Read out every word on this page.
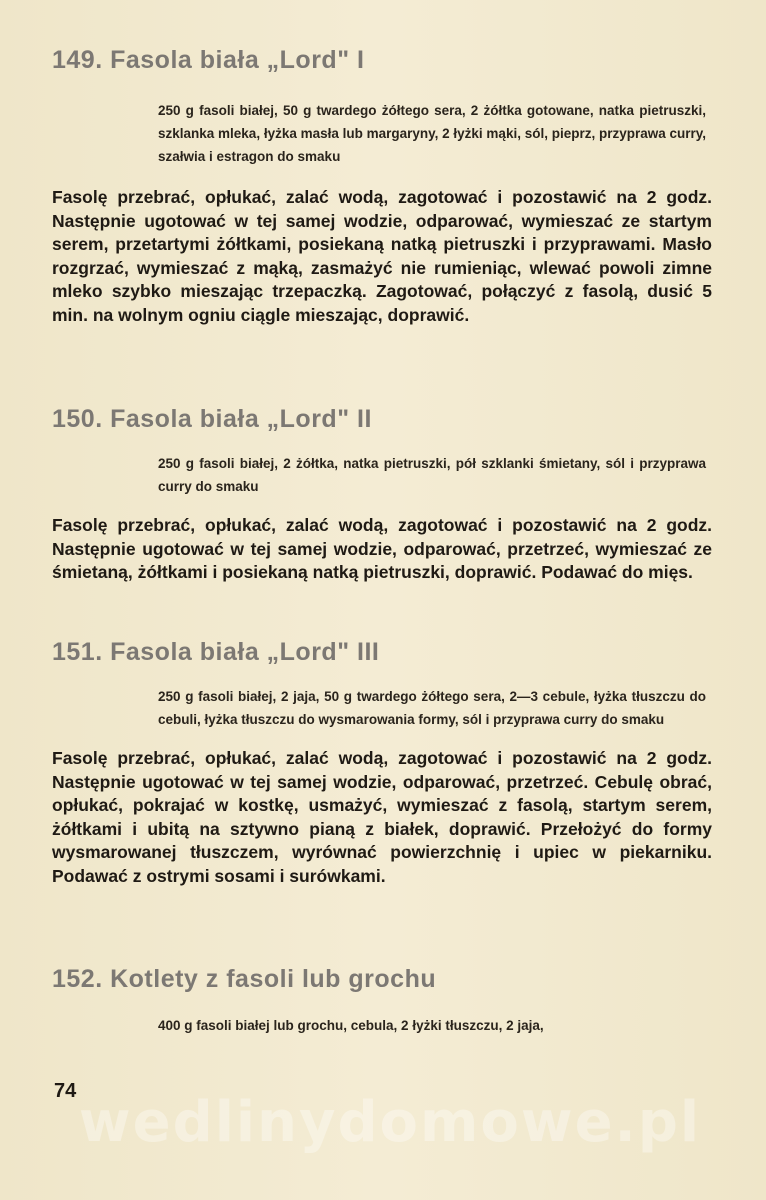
149. Fasola biała „Lord" I

250 g fasoli białej, 50 g twardego żółtego sera, 2 żółtka gotowane, natka pietruszki, szklanka mleka, łyżka masła lub margaryny, 2 łyżki mąki, sól, pieprz, przyprawa curry, szałwia i estragon do smaku

Fasolę przebrać, opłukać, zalać wodą, zagotować i pozostawić na 2 godz. Następnie ugotować w tej samej wodzie, odparować, wymieszać ze startym serem, przetartymi żółtkami, posiekaną natką pietruszki i przyprawami. Masło rozgrzać, wymieszać z mąką, zasmażyć nie rumieniąc, wlewać powoli zimne mleko szybko mieszając trzepaczką. Zagotować, połączyć z fasolą, dusić 5 min. na wolnym ogniu ciągle mieszając, doprawić.

150. Fasola biała „Lord" II

250 g fasoli białej, 2 żółtka, natka pietruszki, pół szklanki śmietany, sól i przyprawa curry do smaku

Fasolę przebrać, opłukać, zalać wodą, zagotować i pozostawić na 2 godz. Następnie ugotować w tej samej wodzie, odparować, przetrzeć, wymieszać ze śmietaną, żółtkami i posiekaną natką pietruszki, doprawić. Podawać do mięs.

151. Fasola biała „Lord" III

250 g fasoli białej, 2 jaja, 50 g twardego żółtego sera, 2—3 cebule, łyżka tłuszczu do cebuli, łyżka tłuszczu do wysmarowania formy, sól i przyprawa curry do smaku

Fasolę przebrać, opłukać, zalać wodą, zagotować i pozostawić na 2 godz. Następnie ugotować w tej samej wodzie, odparować, przetrzeć. Cebulę obrać, opłukać, pokrajać w kostkę, usmażyć, wymieszać z fasolą, startym serem, żółtkami i ubitą na sztywno pianą z białek, doprawić. Przełożyć do formy wysmarowanej tłuszczem, wyrównać powierzchnię i upiec w piekarniku. Podawać z ostrymi sosami i surówkami.

152. Kotlety z fasoli lub grochu

400 g fasoli białej lub grochu, cebula, 2 łyżki tłuszczu, 2 jaja,

wedlinydomowe.pl
74
